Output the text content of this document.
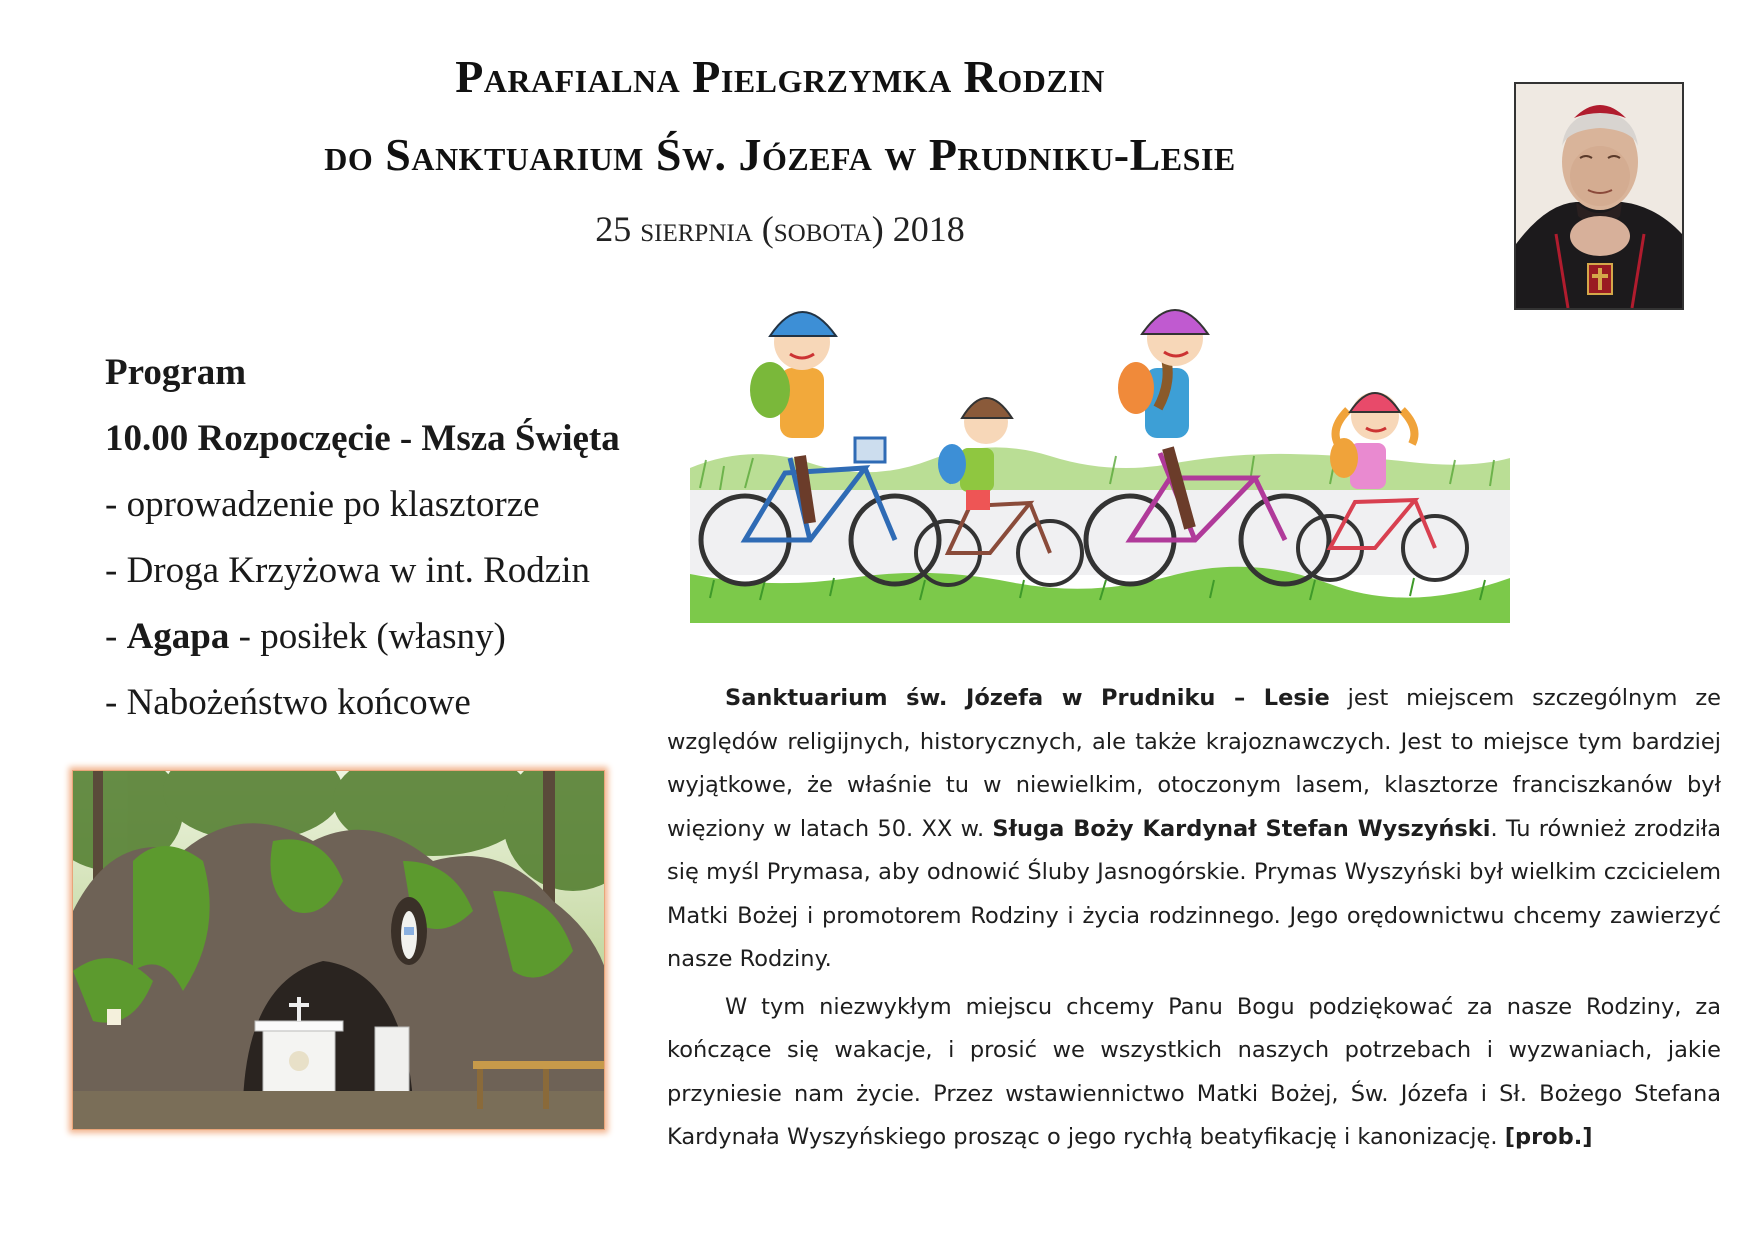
Parafialna Pielgrzymka Rodzin
do Sanktuarium Św. Józefa w Prudniku-Lesie
25 sierpnia (sobota) 2018
Program
10.00 Rozpoczęcie - Msza Święta
- oprowadzenie po klasztorze
- Droga Krzyżowa w int. Rodzin
- Agapa - posiłek (własny)
- Nabożeństwo końcowe	Sanktuarium św. Józefa w Prudniku – Lesie jest miejscem szczególnym ze względów religijnych, historycznych, ale także krajoznawczych. Jest to miejsce tym bardziej wyjątkowe, że właśnie tu w niewielkim, otoczonym lasem, klasztorze franciszkanów był więziony w latach 50. XX w. Sługa Boży Kardynał Stefan Wyszyński. Tu również zrodziła się myśl Prymasa, aby odnowić Śluby Jasnogórskie. Prymas Wyszyński był wielkim czcicielem Matki Bożej i promotorem Rodziny i życia rodzinnego. Jego orędownictwu chcemy zawierzyć nasze Rodziny.

W tym niezwykłym miejscu chcemy Panu Bogu podziękować za nasze Rodziny, za kończące się wakacje, i prosić we wszystkich naszych potrzebach i wyzwaniach, jakie przyniesie nam życie. Przez wstawiennictwo Matki Bożej, Św. Józefa i Sł. Bożego Stefana Kardynała Wyszyńskiego prosząc o jego rychłą beatyfikację i kanonizację. [prob.]
